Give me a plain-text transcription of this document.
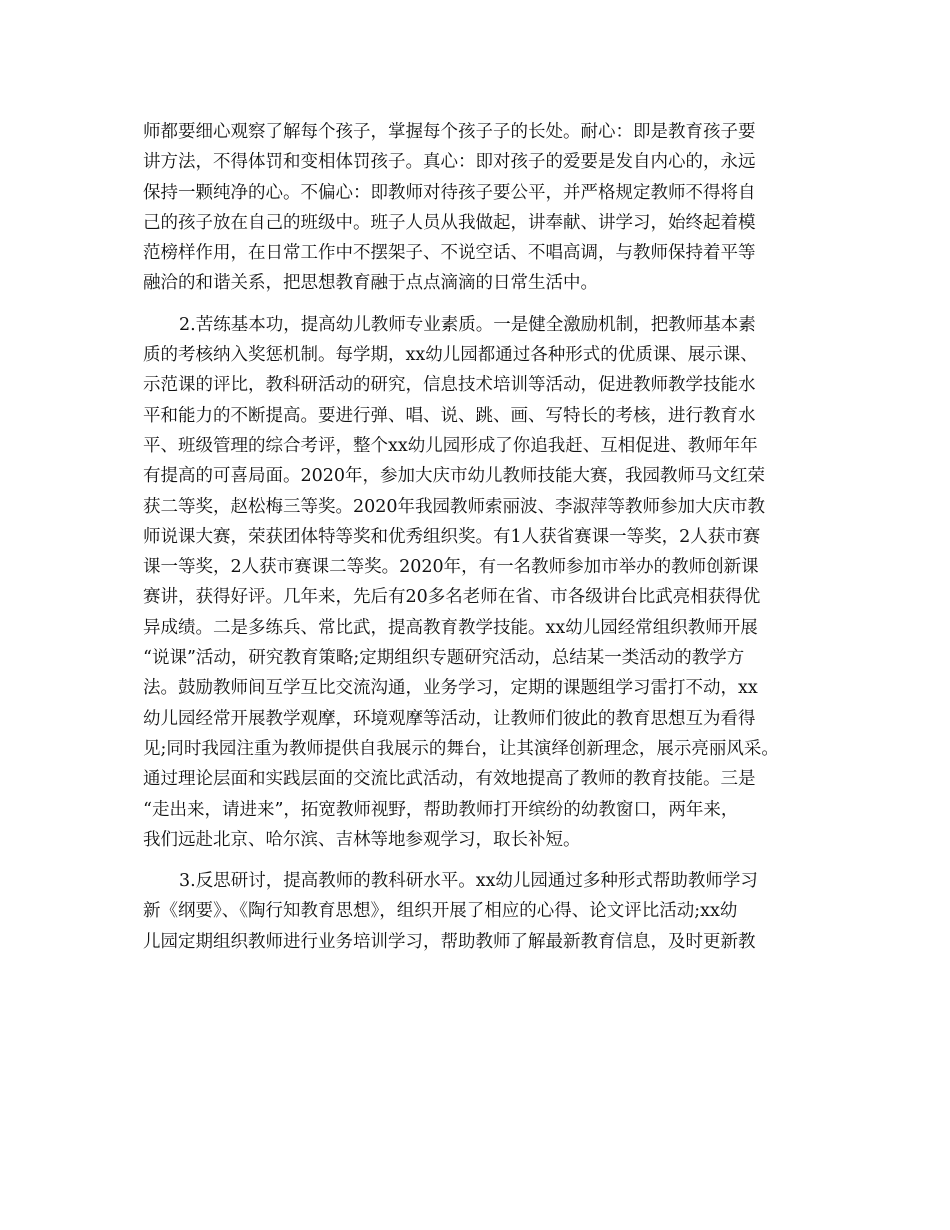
师都要细心观察了解每个孩子，掌握每个孩子子的长处。耐心：即是教育孩子要
讲方法，不得体罚和变相体罚孩子。真心：即对孩子的爱要是发自内心的，永远
保持一颗纯净的心。不偏心：即教师对待孩子要公平，并严格规定教师不得将自
己的孩子放在自己的班级中。班子人员从我做起，讲奉献、讲学习，始终起着模
范榜样作用，在日常工作中不摆架子、不说空话、不唱高调，与教师保持着平等
融洽的和谐关系，把思想教育融于点点滴滴的日常生活中。
2.苦练基本功，提高幼儿教师专业素质。一是健全激励机制，把教师基本素
质的考核纳入奖惩机制。每学期，xx幼儿园都通过各种形式的优质课、展示课、
示范课的评比，教科研活动的研究，信息技术培训等活动，促进教师教学技能水
平和能力的不断提高。要进行弹、唱、说、跳、画、写特长的考核，进行教育水
平、班级管理的综合考评，整个xx幼儿园形成了你追我赶、互相促进、教师年年
有提高的可喜局面。2020年，参加大庆市幼儿教师技能大赛，我园教师马文红荣
获二等奖，赵松梅三等奖。2020年我园教师索丽波、李淑萍等教师参加大庆市教
师说课大赛，荣获团体特等奖和优秀组织奖。有1人获省赛课一等奖，2人获市赛
课一等奖，2人获市赛课二等奖。2020年，有一名教师参加市举办的教师创新课
赛讲，获得好评。几年来，先后有20多名老师在省、市各级讲台比武亮相获得优
异成绩。二是多练兵、常比武，提高教育教学技能。xx幼儿园经常组织教师开展
“说课”活动，研究教育策略;定期组织专题研究活动，总结某一类活动的教学方
法。鼓励教师间互学互比交流沟通，业务学习，定期的课题组学习雷打不动，xx
幼儿园经常开展教学观摩，环境观摩等活动，让教师们彼此的教育思想互为看得
见;同时我园注重为教师提供自我展示的舞台，让其演绎创新理念，展示亮丽风采。
通过理论层面和实践层面的交流比武活动，有效地提高了教师的教育技能。三是
“走出来，请进来”，拓宽教师视野，帮助教师打开缤纷的幼教窗口，两年来，
我们远赴北京、哈尔滨、吉林等地参观学习，取长补短。
3.反思研讨，提高教师的教科研水平。xx幼儿园通过多种形式帮助教师学习
新《纲要》、《陶行知教育思想》，组织开展了相应的心得、论文评比活动;xx幼
儿园定期组织教师进行业务培训学习，帮助教师了解最新教育信息，及时更新教
